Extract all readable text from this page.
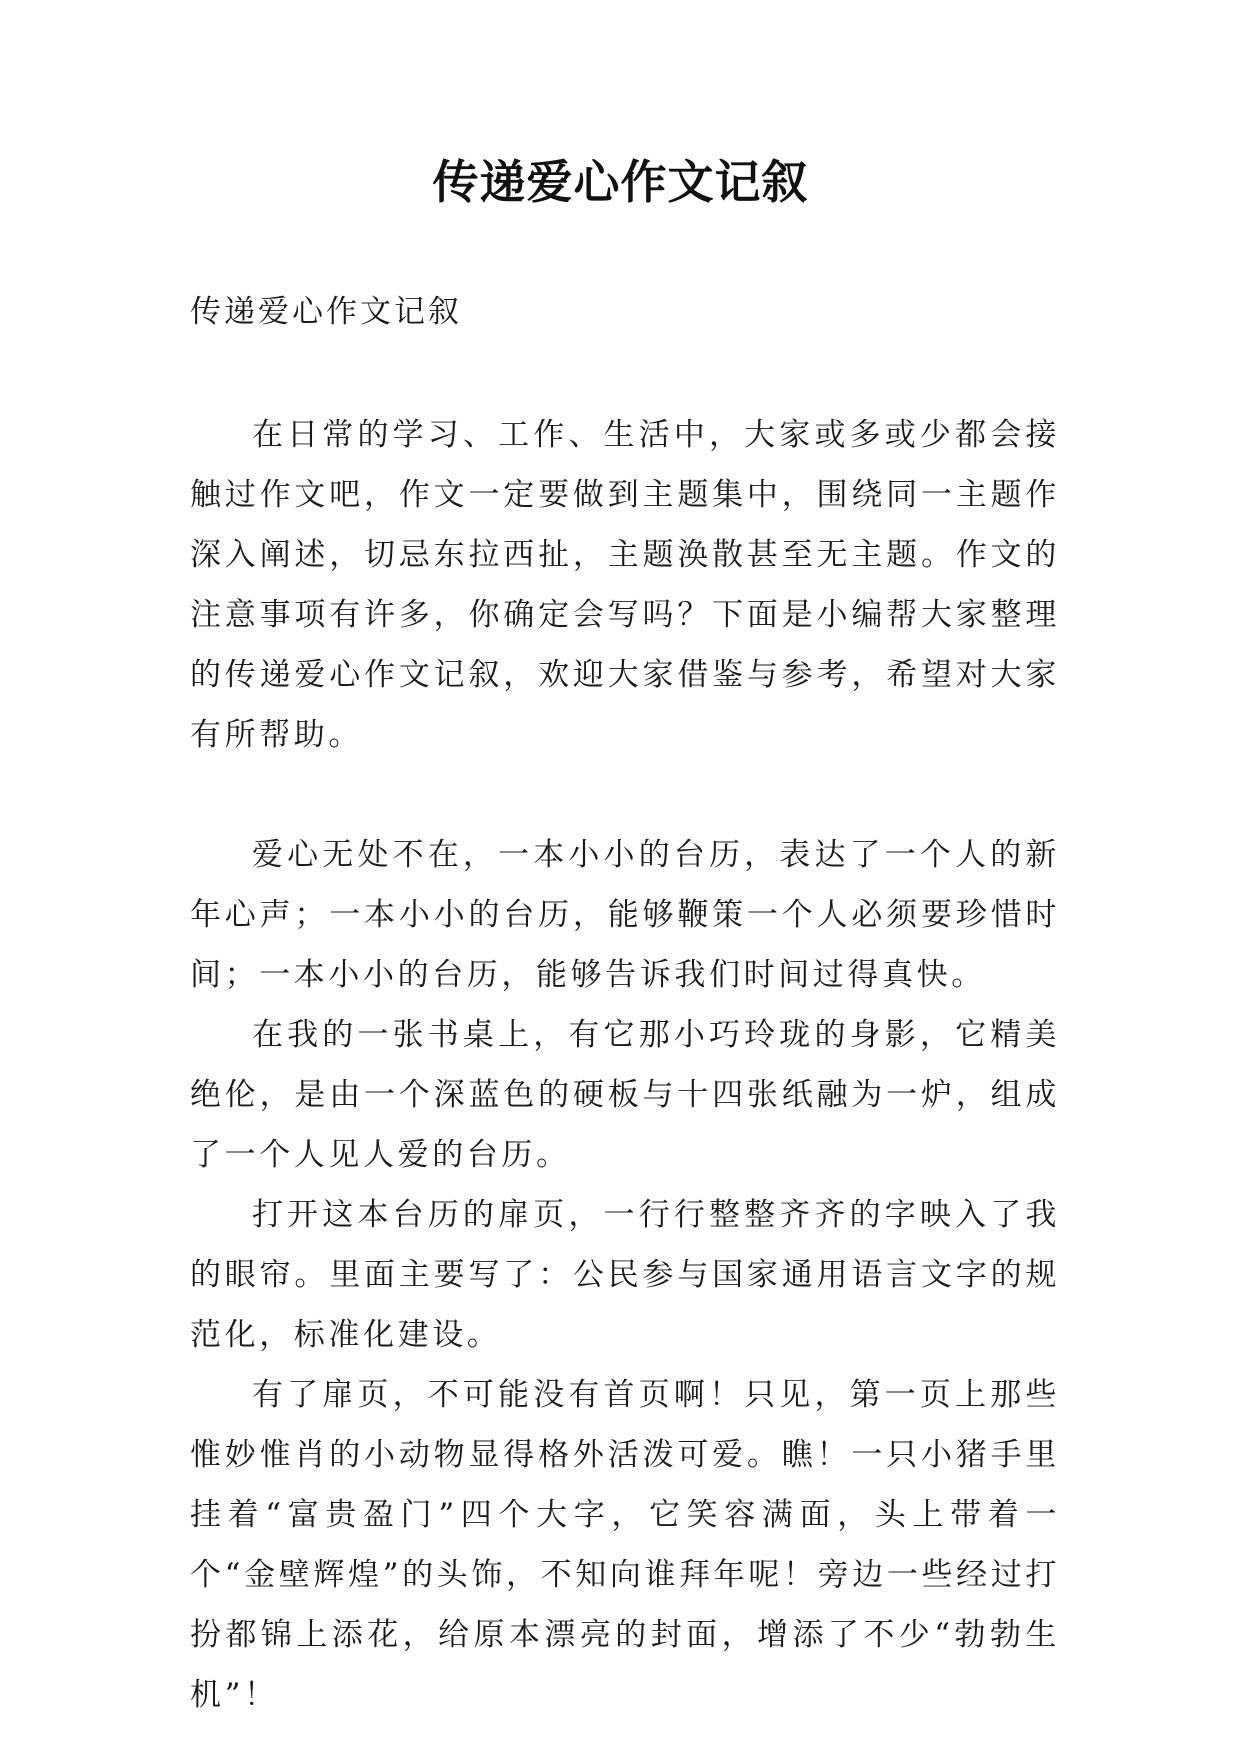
传递爱心作文记叙

传递爱心作文记叙

在日常的学习、工作、生活中，大家或多或少都会接触过作文吧，作文一定要做到主题集中，围绕同一主题作深入阐述，切忌东拉西扯，主题涣散甚至无主题。作文的注意事项有许多，你确定会写吗？下面是小编帮大家整理的传递爱心作文记叙，欢迎大家借鉴与参考，希望对大家有所帮助。

爱心无处不在，一本小小的台历，表达了一个人的新年心声；一本小小的台历，能够鞭策一个人必须要珍惜时间；一本小小的台历，能够告诉我们时间过得真快。

在我的一张书桌上，有它那小巧玲珑的身影，它精美绝伦，是由一个深蓝色的硬板与十四张纸融为一炉，组成了一个人见人爱的台历。

打开这本台历的扉页，一行行整整齐齐的字映入了我的眼帘。里面主要写了：公民参与国家通用语言文字的规范化，标准化建设。

有了扉页，不可能没有首页啊！只见，第一页上那些惟妙惟肖的小动物显得格外活泼可爱。瞧！一只小猪手里挂着“富贵盈门”四个大字，它笑容满面，头上带着一个“金壁辉煌”的头饰，不知向谁拜年呢！旁边一些经过打扮都锦上添花，给原本漂亮的封面，增添了不少“勃勃生机”！
